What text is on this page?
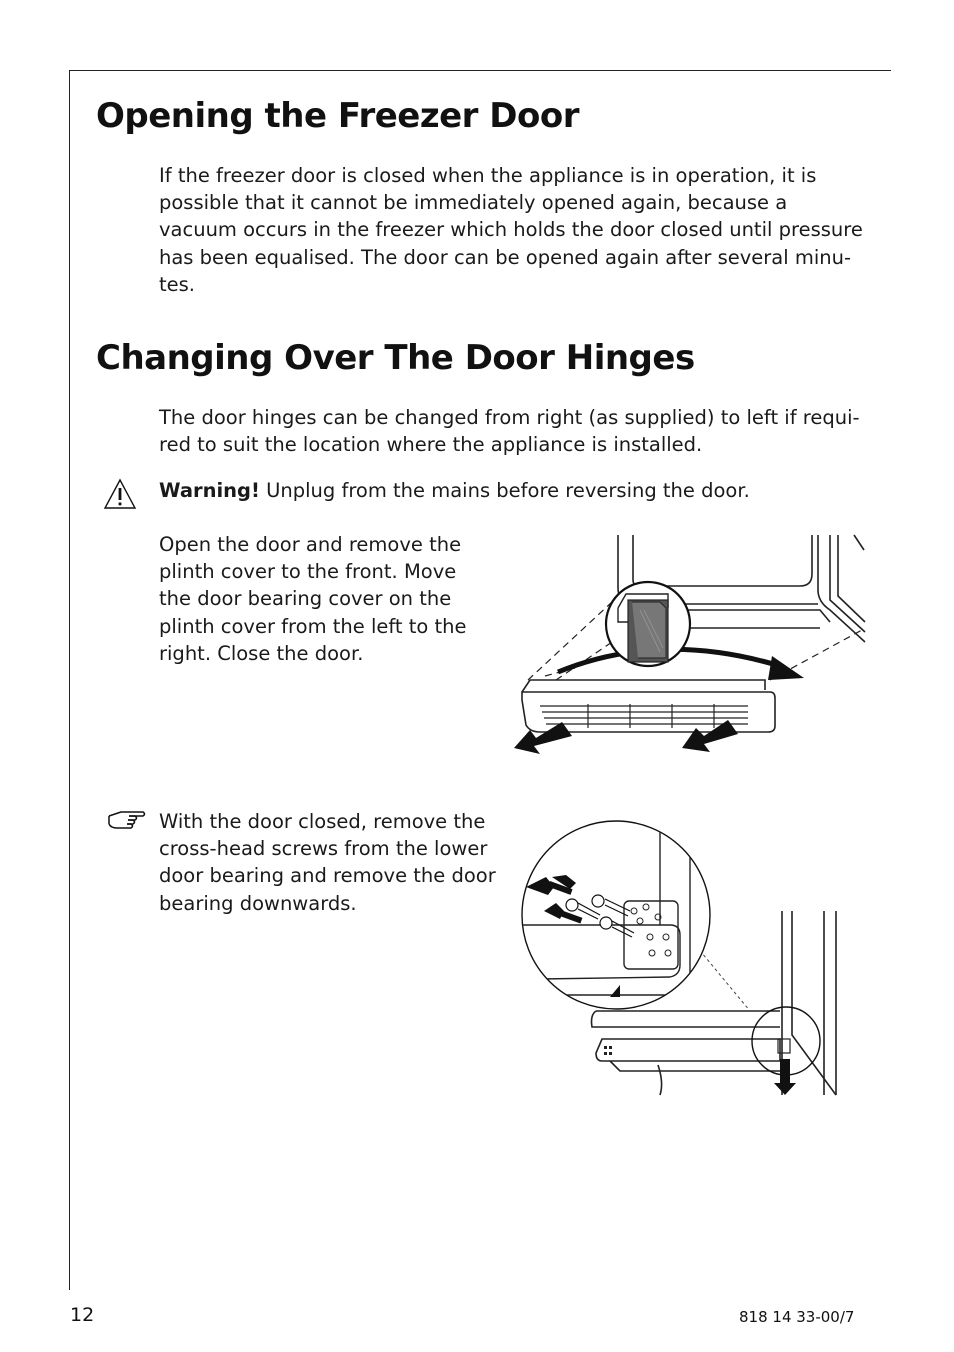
Opening the Freezer Door

If the freezer door is closed when the appliance is in operation, it is possible that it cannot be immediately opened again, because a vacuum occurs in the freezer which holds the door closed until pressure has been equalised. The door can be opened again after several minu-tes.

Changing Over The Door Hinges

The door hinges can be changed from right (as supplied) to left if requi-red to suit the location where the appliance is installed.

Warning! Unplug from the mains before reversing the door.

Open the door and remove the plinth cover to the front. Move the door bearing cover on the plinth cover from the left to the right. Close the door.

With the door closed, remove the cross-head screws from the lower door bearing and remove the door bearing downwards.

12	818 14 33-00/7
